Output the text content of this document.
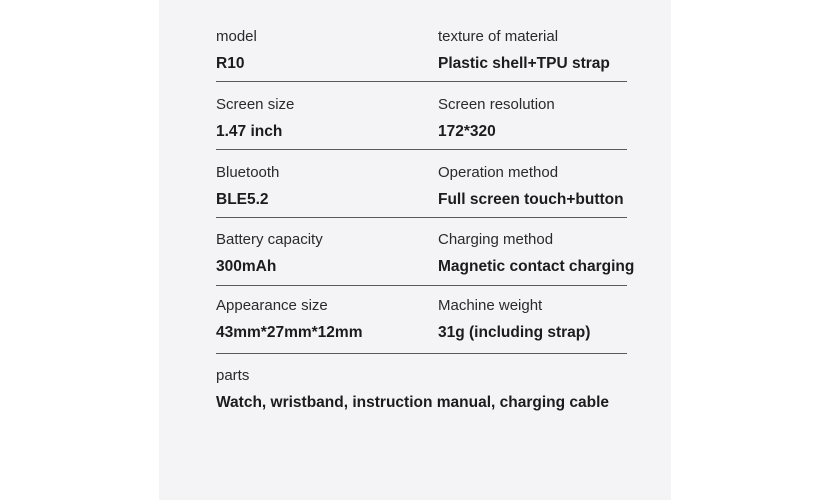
model
R10
texture of material
Plastic shell+TPU strap
Screen size
1.47 inch
Screen resolution
172*320
Bluetooth
BLE5.2
Operation method
Full screen touch+button
Battery capacity
300mAh
Charging method
Magnetic contact charging
Appearance size
43mm*27mm*12mm
Machine weight
31g (including strap)
parts
Watch, wristband, instruction manual, charging cable
